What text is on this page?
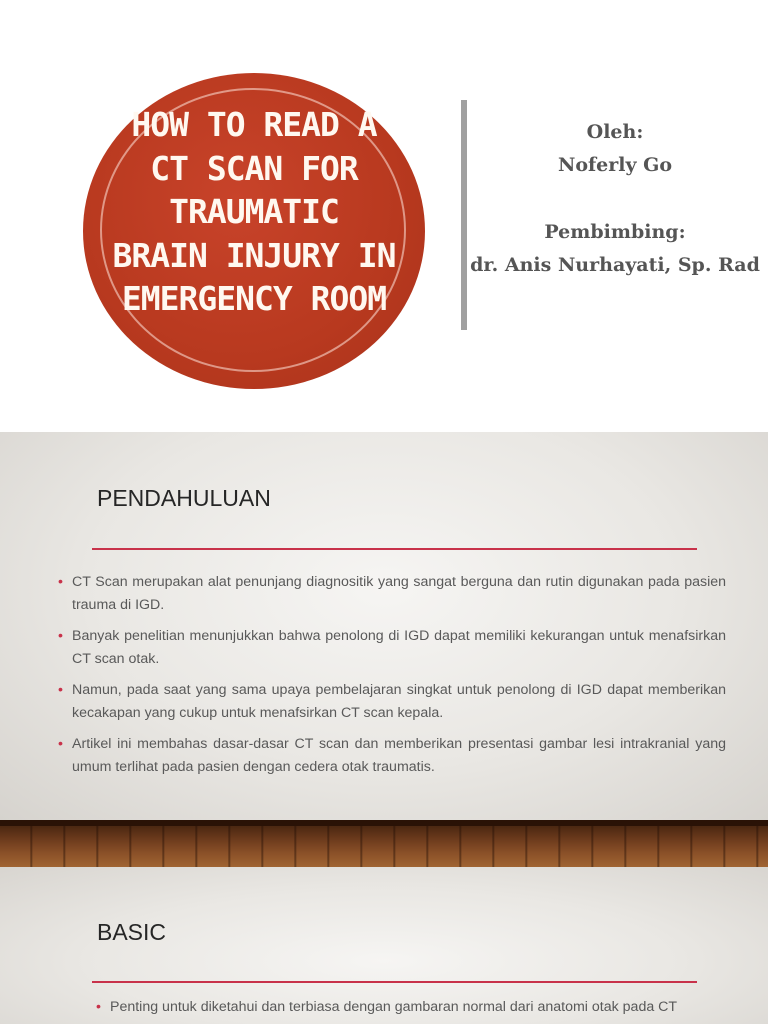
HOW TO READ A
CT SCAN FOR
TRAUMATIC
BRAIN INJURY IN
EMERGENCY ROOM
Oleh:
Noferly Go
Pembimbing:
dr. Anis Nurhayati, Sp. Rad
PENDAHULUAN
• CT Scan merupakan alat penunjang diagnositik yang sangat berguna dan rutin digunakan pada pasien trauma di IGD.
• Banyak penelitian menunjukkan bahwa penolong di IGD dapat memiliki kekurangan untuk menafsirkan CT scan otak.
• Namun, pada saat yang sama upaya pembelajaran singkat untuk penolong di IGD dapat memberikan kecakapan yang cukup untuk menafsirkan CT scan kepala.
• Artikel ini membahas dasar-dasar CT scan dan memberikan presentasi gambar lesi intrakranial yang umum terlihat pada pasien dengan cedera otak traumatis.
BASIC
• Penting untuk diketahui dan terbiasa dengan gambaran normal dari anatomi otak pada CT
